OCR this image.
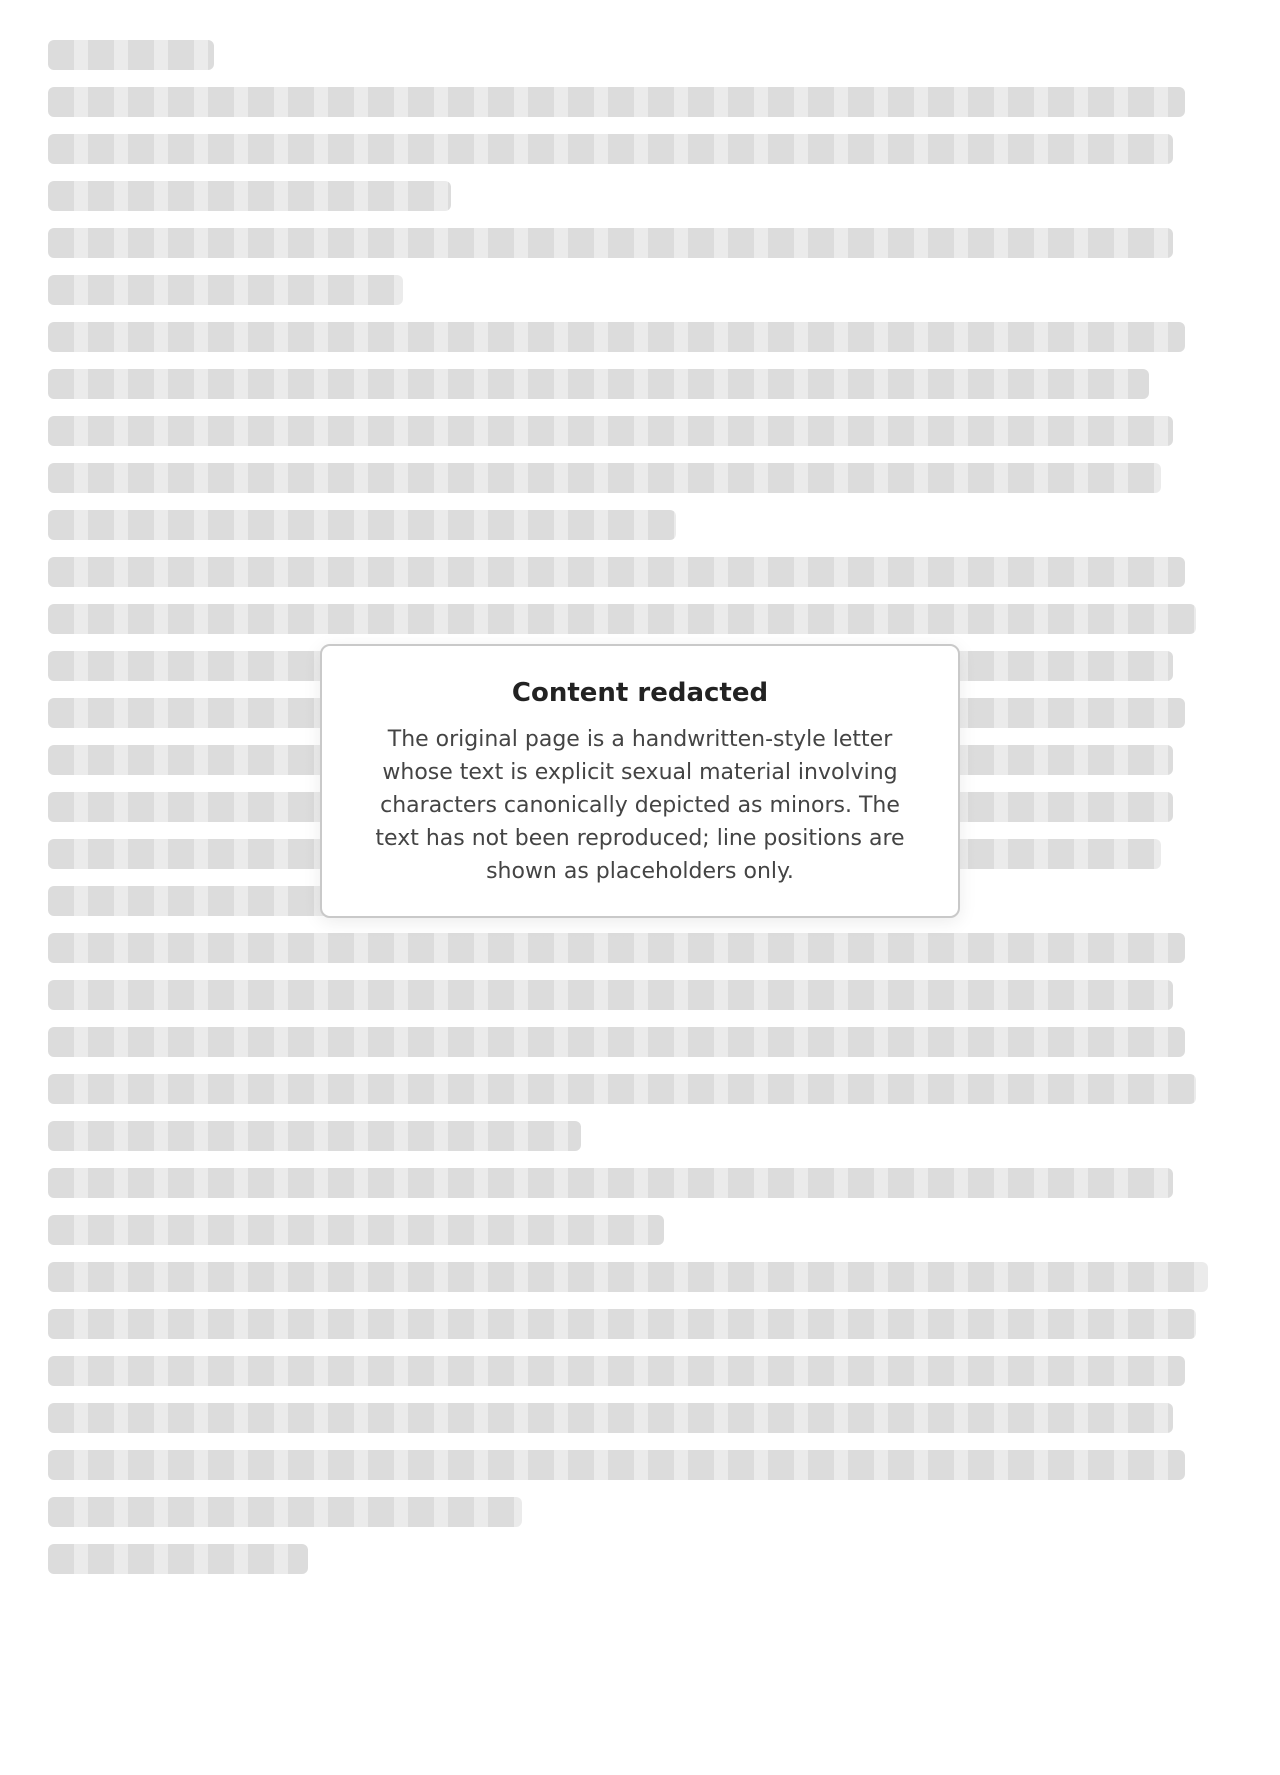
Content redacted
The original page is a handwritten-style letter whose text is explicit sexual material involving characters canonically depicted as minors. The text has not been reproduced; line positions are shown as placeholders only.
